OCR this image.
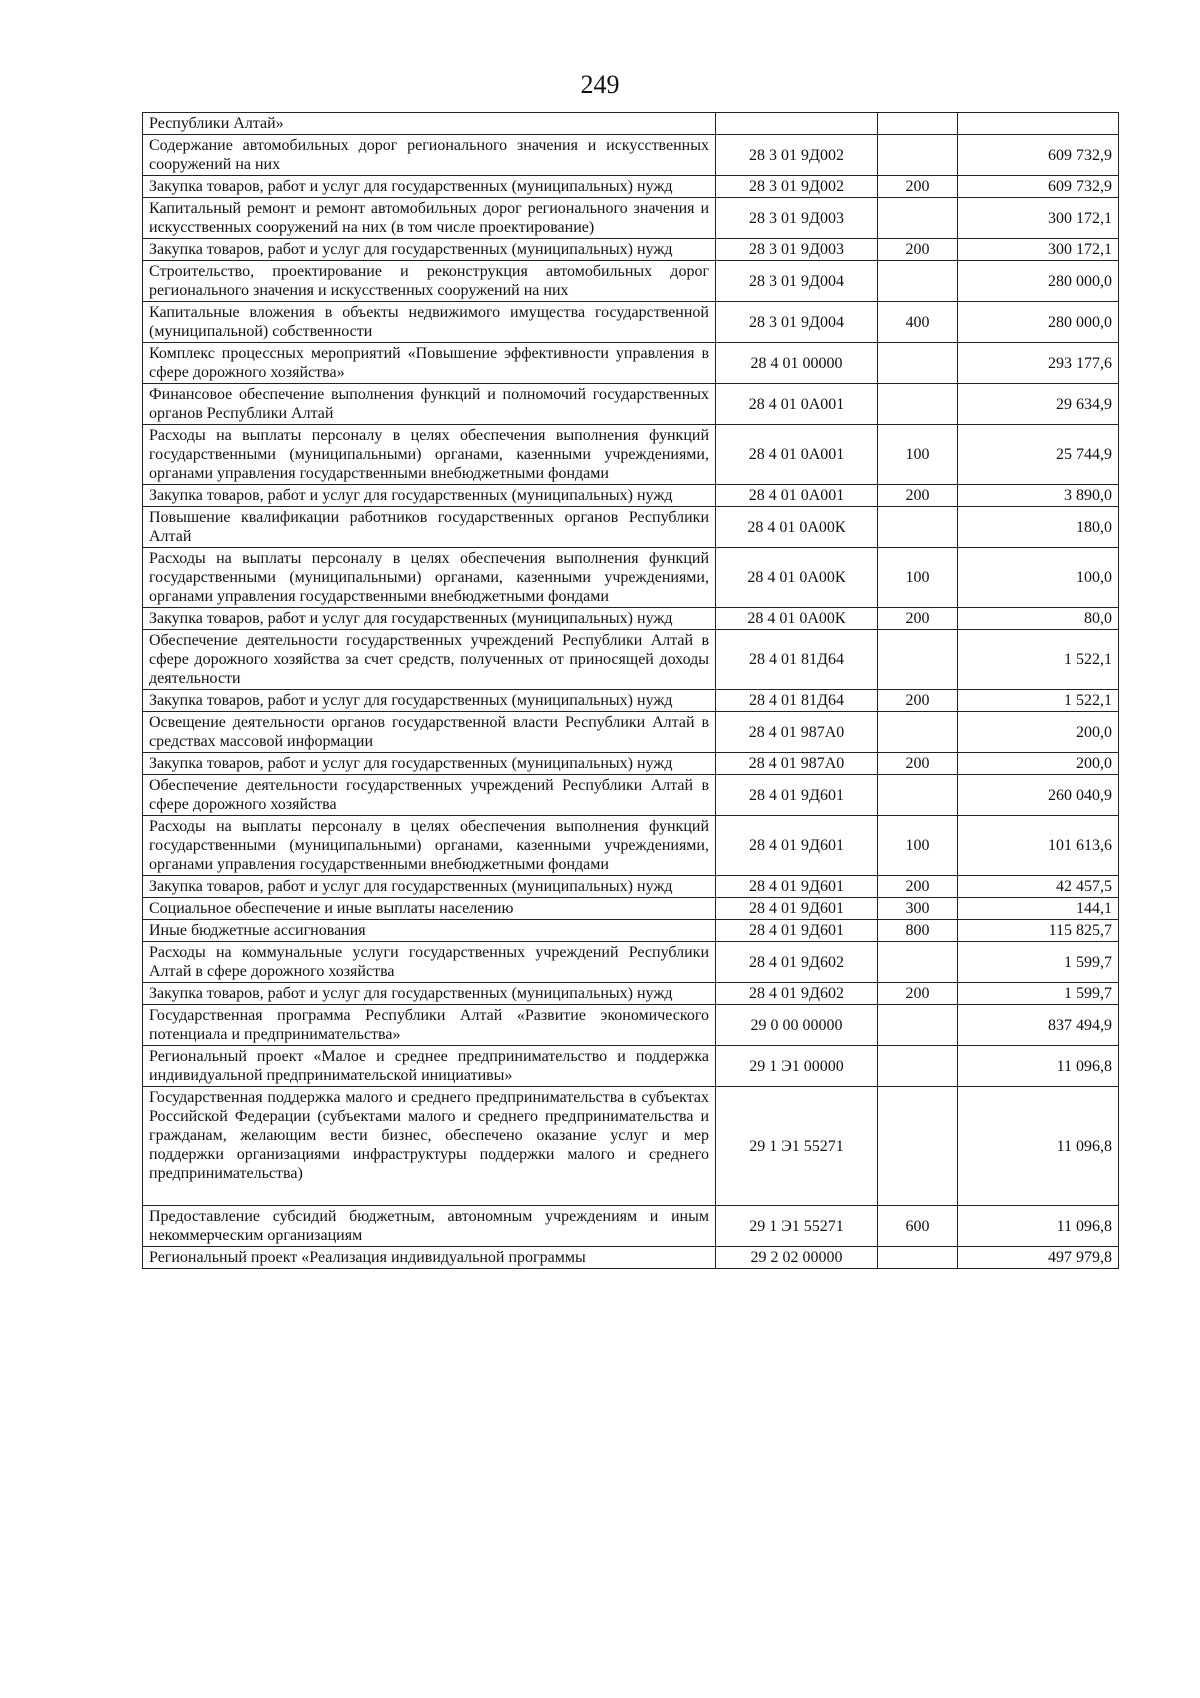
249
Республики Алтай»			
Содержание автомобильных дорог регионального значения и искусственных сооружений на них	28 3 01 9Д002		609 732,9
Закупка товаров, работ и услуг для государственных (муниципальных) нужд	28 3 01 9Д002	200	609 732,9
Капитальный ремонт и ремонт автомобильных дорог регионального значения и искусственных сооружений на них (в том числе проектирование)	28 3 01 9Д003		300 172,1
Закупка товаров, работ и услуг для государственных (муниципальных) нужд	28 3 01 9Д003	200	300 172,1
Строительство, проектирование и реконструкция автомобильных дорог регионального значения и искусственных сооружений на них	28 3 01 9Д004		280 000,0
Капитальные вложения в объекты недвижимого имущества государственной (муниципальной) собственности	28 3 01 9Д004	400	280 000,0
Комплекс процессных мероприятий «Повышение эффективности управления в сфере дорожного хозяйства»	28 4 01 00000		293 177,6
Финансовое обеспечение выполнения функций и полномочий государственных органов Республики Алтай	28 4 01 0А001		29 634,9
Расходы на выплаты персоналу в целях обеспечения выполнения функций государственными (муниципальными) органами, казенными учреждениями, органами управления государственными внебюджетными фондами	28 4 01 0А001	100	25 744,9
Закупка товаров, работ и услуг для государственных (муниципальных) нужд	28 4 01 0А001	200	3 890,0
Повышение квалификации работников государственных органов Республики Алтай	28 4 01 0А00К		180,0
Расходы на выплаты персоналу в целях обеспечения выполнения функций государственными (муниципальными) органами, казенными учреждениями, органами управления государственными внебюджетными фондами	28 4 01 0А00К	100	100,0
Закупка товаров, работ и услуг для государственных (муниципальных) нужд	28 4 01 0А00К	200	80,0
Обеспечение деятельности государственных учреждений Республики Алтай в сфере дорожного хозяйства за счет средств, полученных от приносящей доходы деятельности	28 4 01 81Д64		1 522,1
Закупка товаров, работ и услуг для государственных (муниципальных) нужд	28 4 01 81Д64	200	1 522,1
Освещение деятельности органов государственной власти Республики Алтай в средствах массовой информации	28 4 01 987А0		200,0
Закупка товаров, работ и услуг для государственных (муниципальных) нужд	28 4 01 987А0	200	200,0
Обеспечение деятельности государственных учреждений Республики Алтай в сфере дорожного хозяйства	28 4 01 9Д601		260 040,9
Расходы на выплаты персоналу в целях обеспечения выполнения функций государственными (муниципальными) органами, казенными учреждениями, органами управления государственными внебюджетными фондами	28 4 01 9Д601	100	101 613,6
Закупка товаров, работ и услуг для государственных (муниципальных) нужд	28 4 01 9Д601	200	42 457,5
Социальное обеспечение и иные выплаты населению	28 4 01 9Д601	300	144,1
Иные бюджетные ассигнования	28 4 01 9Д601	800	115 825,7
Расходы на коммунальные услуги государственных учреждений Республики Алтай в сфере дорожного хозяйства	28 4 01 9Д602		1 599,7
Закупка товаров, работ и услуг для государственных (муниципальных) нужд	28 4 01 9Д602	200	1 599,7
Государственная программа Республики Алтай «Развитие экономического потенциала и предпринимательства»	29 0 00 00000		837 494,9
Региональный проект «Малое и среднее предпринимательство и поддержка индивидуальной предпринимательской инициативы»	29 1 Э1 00000		11 096,8
Государственная поддержка малого и среднего предпринимательства в субъектах Российской Федерации (субъектами малого и среднего предпринимательства и гражданам, желающим вести бизнес, обеспечено оказание услуг и мер поддержки организациями инфраструктуры поддержки малого и среднего предпринимательства)	29 1 Э1 55271		11 096,8
Предоставление субсидий бюджетным, автономным учреждениям и иным некоммерческим организациям	29 1 Э1 55271	600	11 096,8
Региональный проект «Реализация индивидуальной программы	29 2 02 00000		497 979,8
